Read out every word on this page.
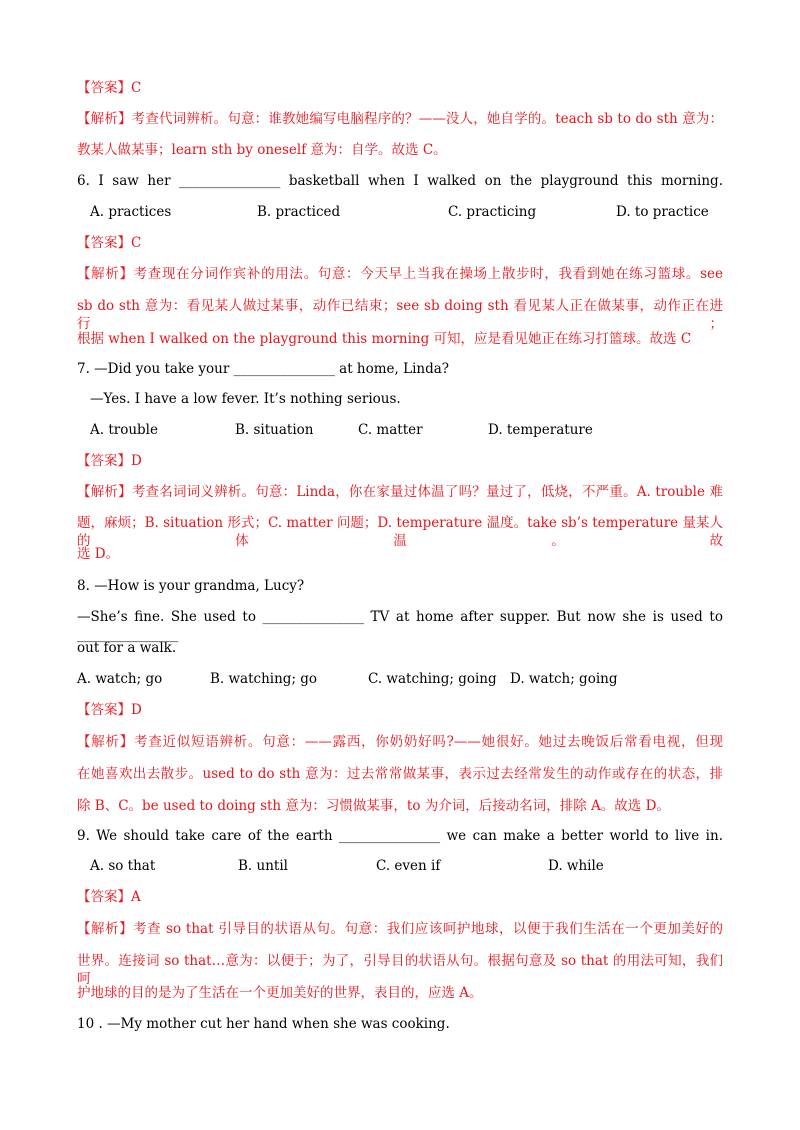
【答案】C
【解析】考查代词辨析。句意：谁教她编写电脑程序的？——没人，她自学的。teach sb to do sth 意为：
教某人做某事；learn sth by oneself 意为：自学。故选 C。
6. I saw her _______________ basketball when I walked on the playground this morning.
A. practices	B. practiced	C. practicing	D. to practice
【答案】C
【解析】考查现在分词作宾补的用法。句意：今天早上当我在操场上散步时，我看到她在练习篮球。see
sb do sth 意为：看见某人做过某事，动作已结束；see sb doing sth 看见某人正在做某事，动作正在进行；
根据 when I walked on the playground this morning 可知，应是看见她正在练习打篮球。故选 C
7. —Did you take your _______________ at home, Linda?
—Yes. I have a low fever. It’s nothing serious.
A. trouble	B. situation	C. matter	D. temperature
【答案】D
【解析】考查名词词义辨析。句意：Linda，你在家量过体温了吗？量过了，低烧，不严重。A. trouble 难
题，麻烦；B. situation 形式；C. matter 问题；D. temperature 温度。take sb’s temperature 量某人的体温。故
选 D。
8. —How is your grandma, Lucy?
—She’s fine. She used to _______________ TV at home after supper. But now she is used to _______________
out for a walk.
A. watch; go	B. watching; go	C. watching; going D. watch; going
【答案】D
【解析】考查近似短语辨析。句意：——露西，你奶奶好吗?——她很好。她过去晚饭后常看电视，但现
在她喜欢出去散步。used to do sth 意为：过去常常做某事，表示过去经常发生的动作或存在的状态，排
除 B、C。be used to doing sth 意为：习惯做某事，to 为介词，后接动名词，排除 A。故选 D。
9. We should take care of the earth _______________ we can make a better world to live in.
A. so that	B. until	C. even if	D. while
【答案】A
【解析】考查 so that 引导目的状语从句。句意：我们应该呵护地球，以便于我们生活在一个更加美好的
世界。连接词 so that…意为：以便于；为了，引导目的状语从句。根据句意及 so that 的用法可知，我们呵
护地球的目的是为了生活在一个更加美好的世界，表目的，应选 A。
10 . —My mother cut her hand when she was cooking.
